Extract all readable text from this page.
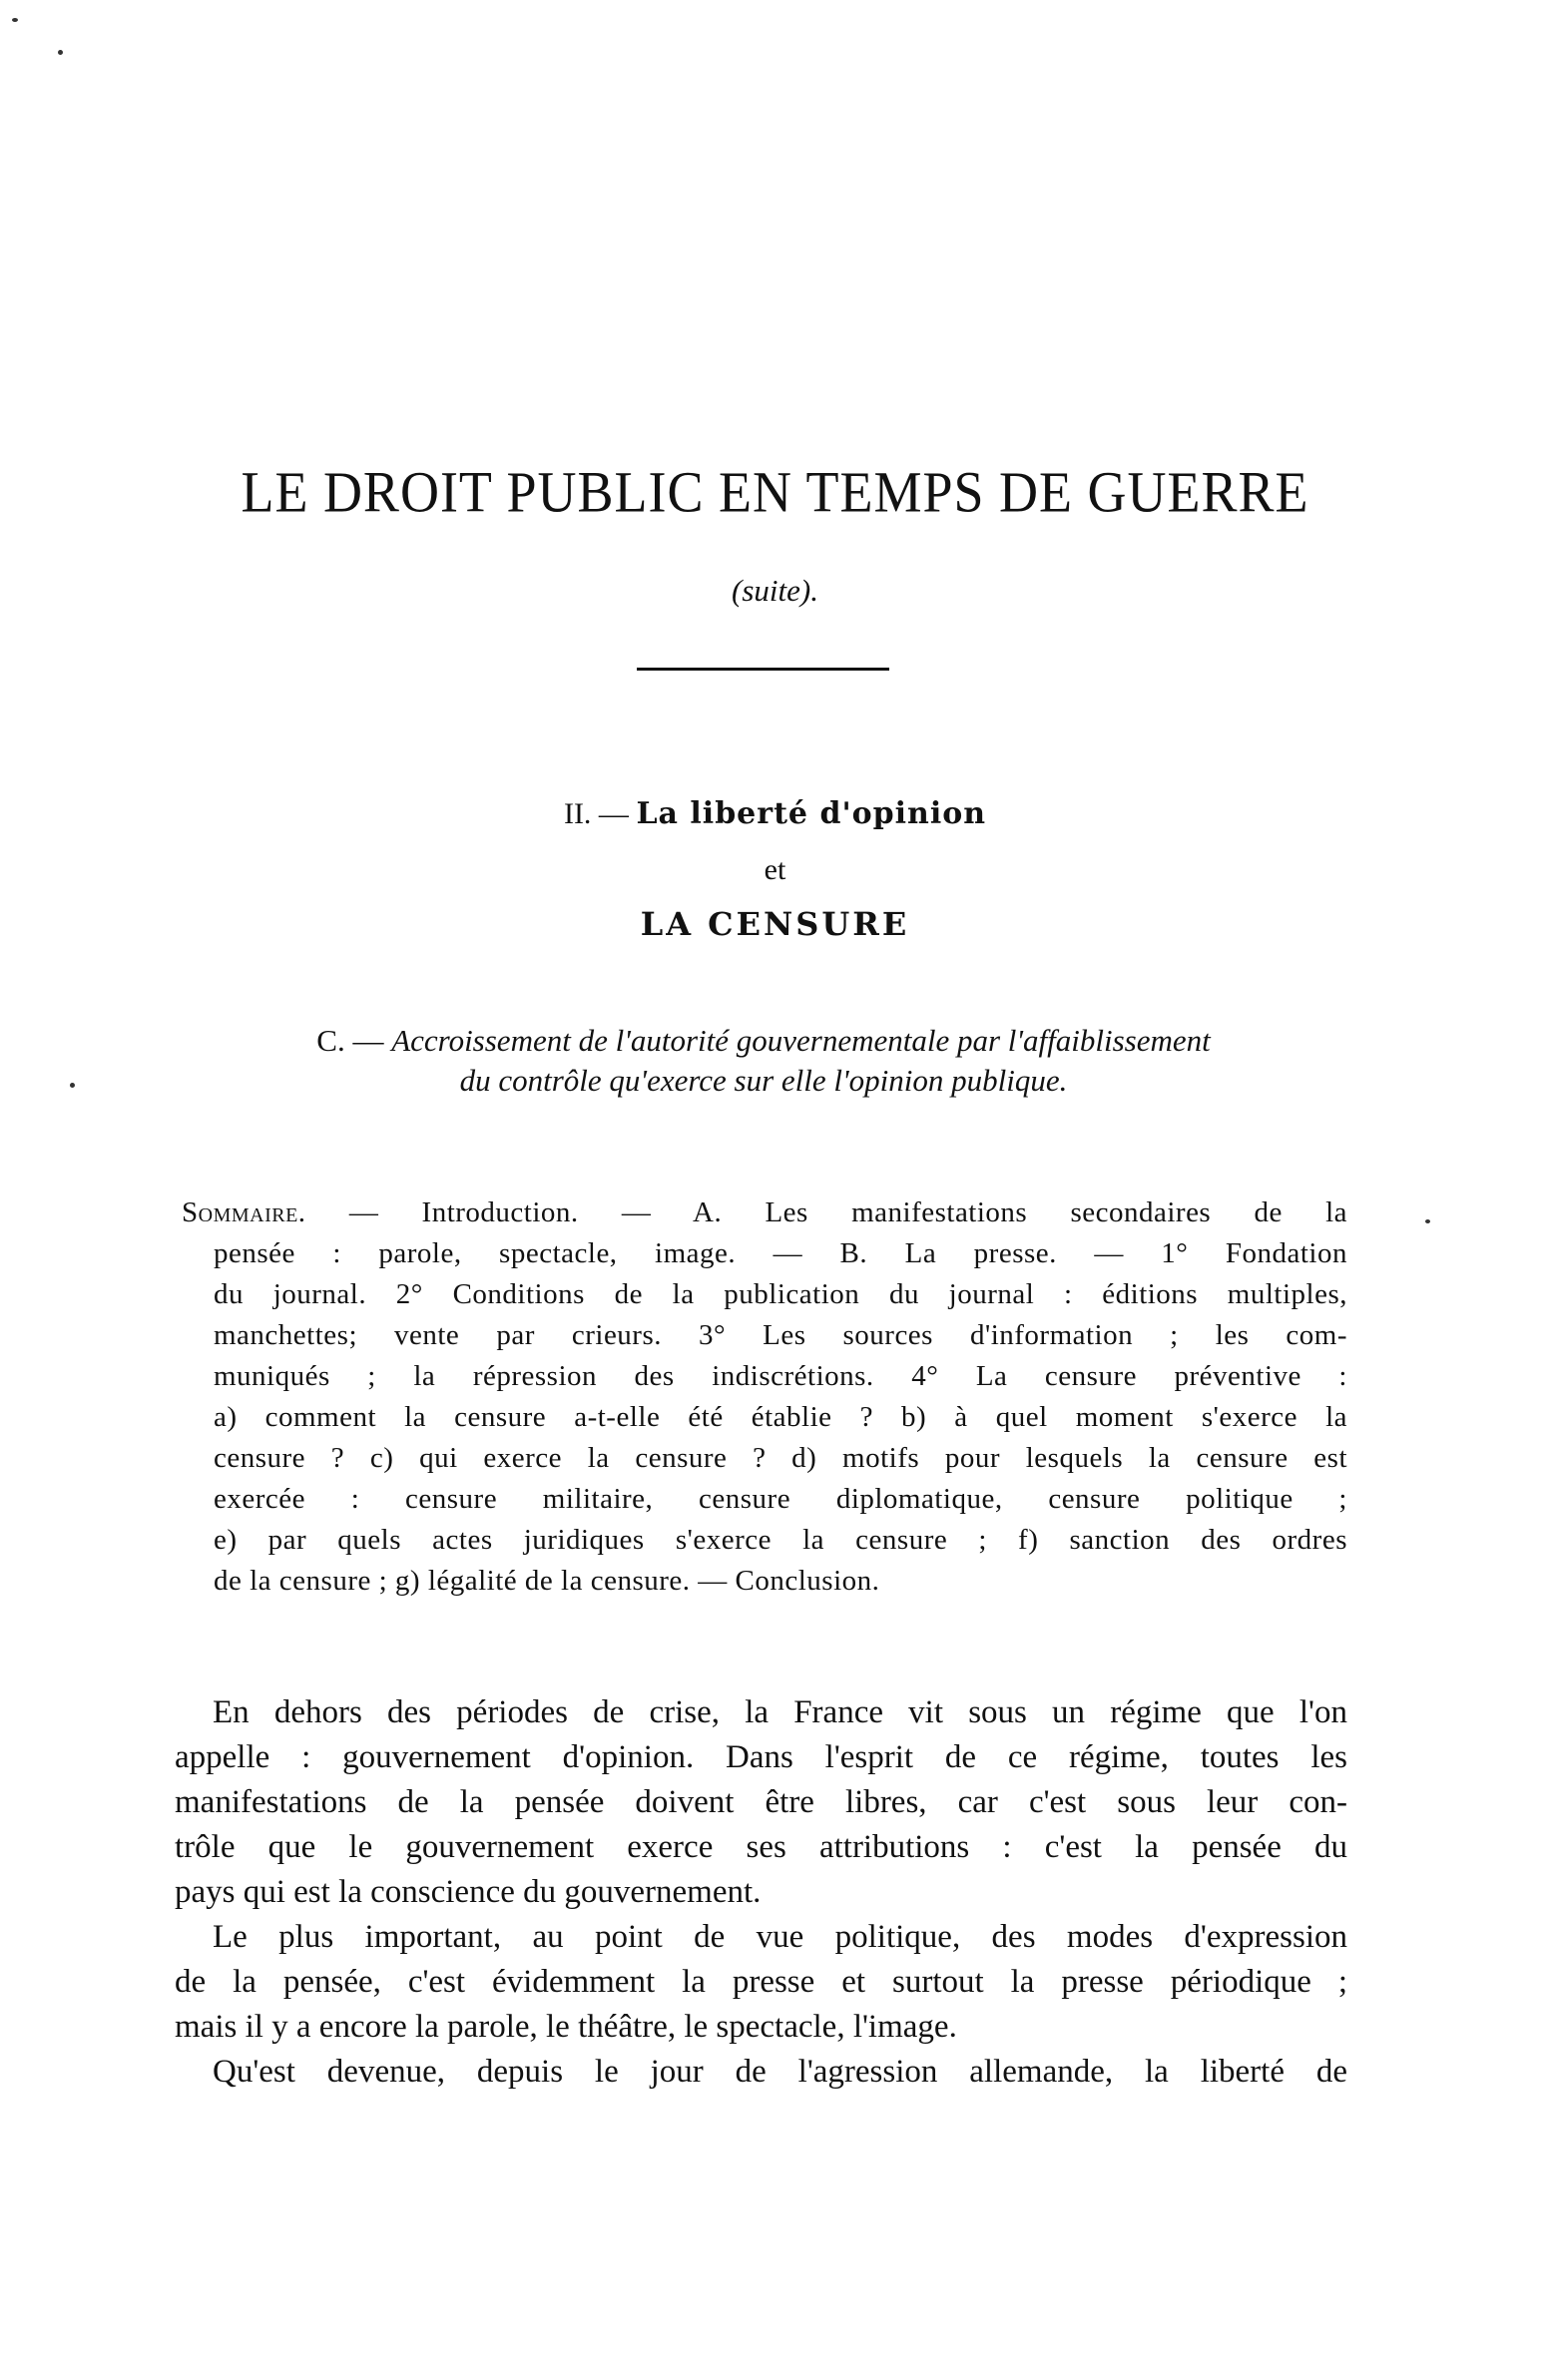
LE DROIT PUBLIC EN TEMPS DE GUERRE
(suite).
II. — La liberté d'opinion
et
LA CENSURE
C. — Accroissement de l'autorité gouvernementale par l'affaiblissement
du contrôle qu'exerce sur elle l'opinion publique.
Sommaire. — Introduction. — A. Les manifestations secondaires de la
pensée : parole, spectacle, image. — B. La presse. — 1° Fondation
du journal. 2° Conditions de la publication du journal : éditions multiples,
manchettes; vente par crieurs. 3° Les sources d'information ; les com-
muniqués ; la répression des indiscrétions. 4° La censure préventive :
a) comment la censure a-t-elle été établie ? b) à quel moment s'exerce la
censure ? c) qui exerce la censure ? d) motifs pour lesquels la censure est
exercée : censure militaire, censure diplomatique, censure politique ;
e) par quels actes juridiques s'exerce la censure ; f) sanction des ordres
de la censure ; g) légalité de la censure. — Conclusion.
En dehors des périodes de crise, la France vit sous un régime que l'on
appelle : gouvernement d'opinion. Dans l'esprit de ce régime, toutes les
manifestations de la pensée doivent être libres, car c'est sous leur con-
trôle que le gouvernement exerce ses attributions : c'est la pensée du
pays qui est la conscience du gouvernement.
Le plus important, au point de vue politique, des modes d'expression
de la pensée, c'est évidemment la presse et surtout la presse périodique ;
mais il y a encore la parole, le théâtre, le spectacle, l'image.
Qu'est devenue, depuis le jour de l'agression allemande, la liberté de
